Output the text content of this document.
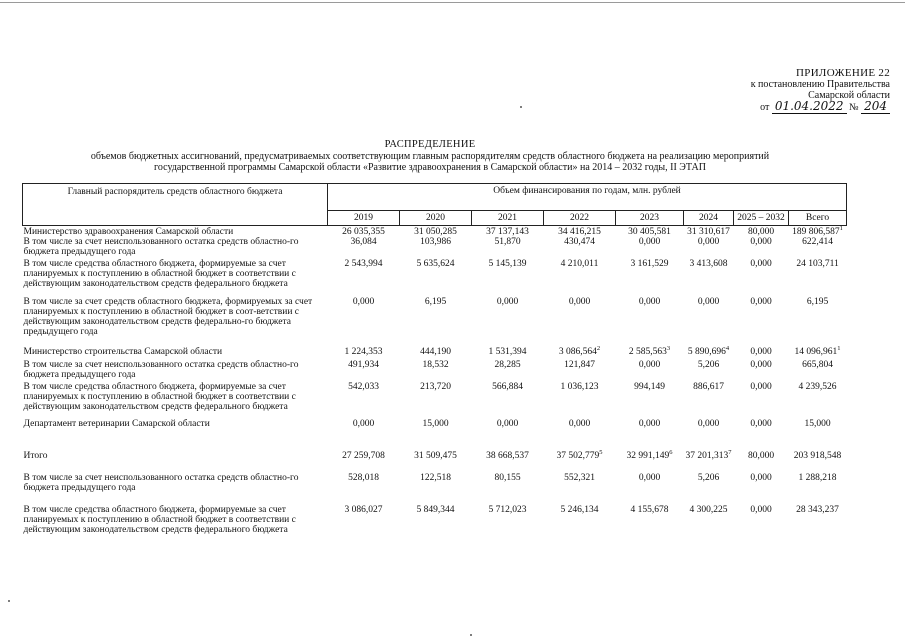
ПРИЛОЖЕНИЕ 22
к постановлению Правительства
Самарской области
от 01.04.2022 № 204
РАСПРЕДЕЛЕНИЕ
объемов бюджетных ассигнований, предусматриваемых соответствующим главным распорядителям средств областного бюджета на реализацию мероприятий
государственной программы Самарской области «Развитие здравоохранения в Самарской области» на 2014 – 2032 годы, II ЭТАП
Главный распорядитель средств областного бюджета	Объем финансирования по годам, млн. рублей							
	2019	2020	2021	2022	2023	2024	2025 – 2032	Всего
Министерство здравоохранения Самарской области	26 035,355	31 050,285	37 137,143	34 416,215	30 405,581	31 310,617	80,000	189 806,587$^1$
В том числе за счет неиспользованного остатка средств областно-го бюджета предыдущего года	36,084	103,986	51,870	430,474	0,000	0,000	0,000	622,414
В том числе средства областного бюджета, формируемые за счет планируемых к поступлению в областной бюджет в соответствии с действующим законодательством средств федерального бюджета	2 543,994	5 635,624	5 145,139	4 210,011	3 161,529	3 413,608	0,000	24 103,711
В том числе за счет средств областного бюджета, формируемых за счет планируемых к поступлению в областной бюджет в соот-ветствии с действующим законодательством средств федерально-го бюджета предыдущего года	0,000	6,195	0,000	0,000	0,000	0,000	0,000	6,195
Министерство строительства Самарской области	1 224,353	444,190	1 531,394	3 086,564$^2$	2 585,563$^3$	5 890,696$^4$	0,000	14 096,961$^1$
В том числе за счет неиспользованного остатка средств областно-го бюджета предыдущего года	491,934	18,532	28,285	121,847	0,000	5,206	0,000	665,804
В том числе средства областного бюджета, формируемые за счет планируемых к поступлению в областной бюджет в соответствии с действующим законодательством средств федерального бюджета	542,033	213,720	566,884	1 036,123	994,149	886,617	0,000	4 239,526
Департамент ветеринарии Самарской области	0,000	15,000	0,000	0,000	0,000	0,000	0,000	15,000
Итого	27 259,708	31 509,475	38 668,537	37 502,779$^5$	32 991,149$^6$	37 201,313$^7$	80,000	203 918,548
В том числе за счет неиспользованного остатка средств областно-го бюджета предыдущего года	528,018	122,518	80,155	552,321	0,000	5,206	0,000	1 288,218
В том числе средства областного бюджета, формируемые за счет планируемых к поступлению в областной бюджет в соответствии с действующим законодательством средств федерального бюджета	3 086,027	5 849,344	5 712,023	5 246,134	4 155,678	4 300,225	0,000	28 343,237
